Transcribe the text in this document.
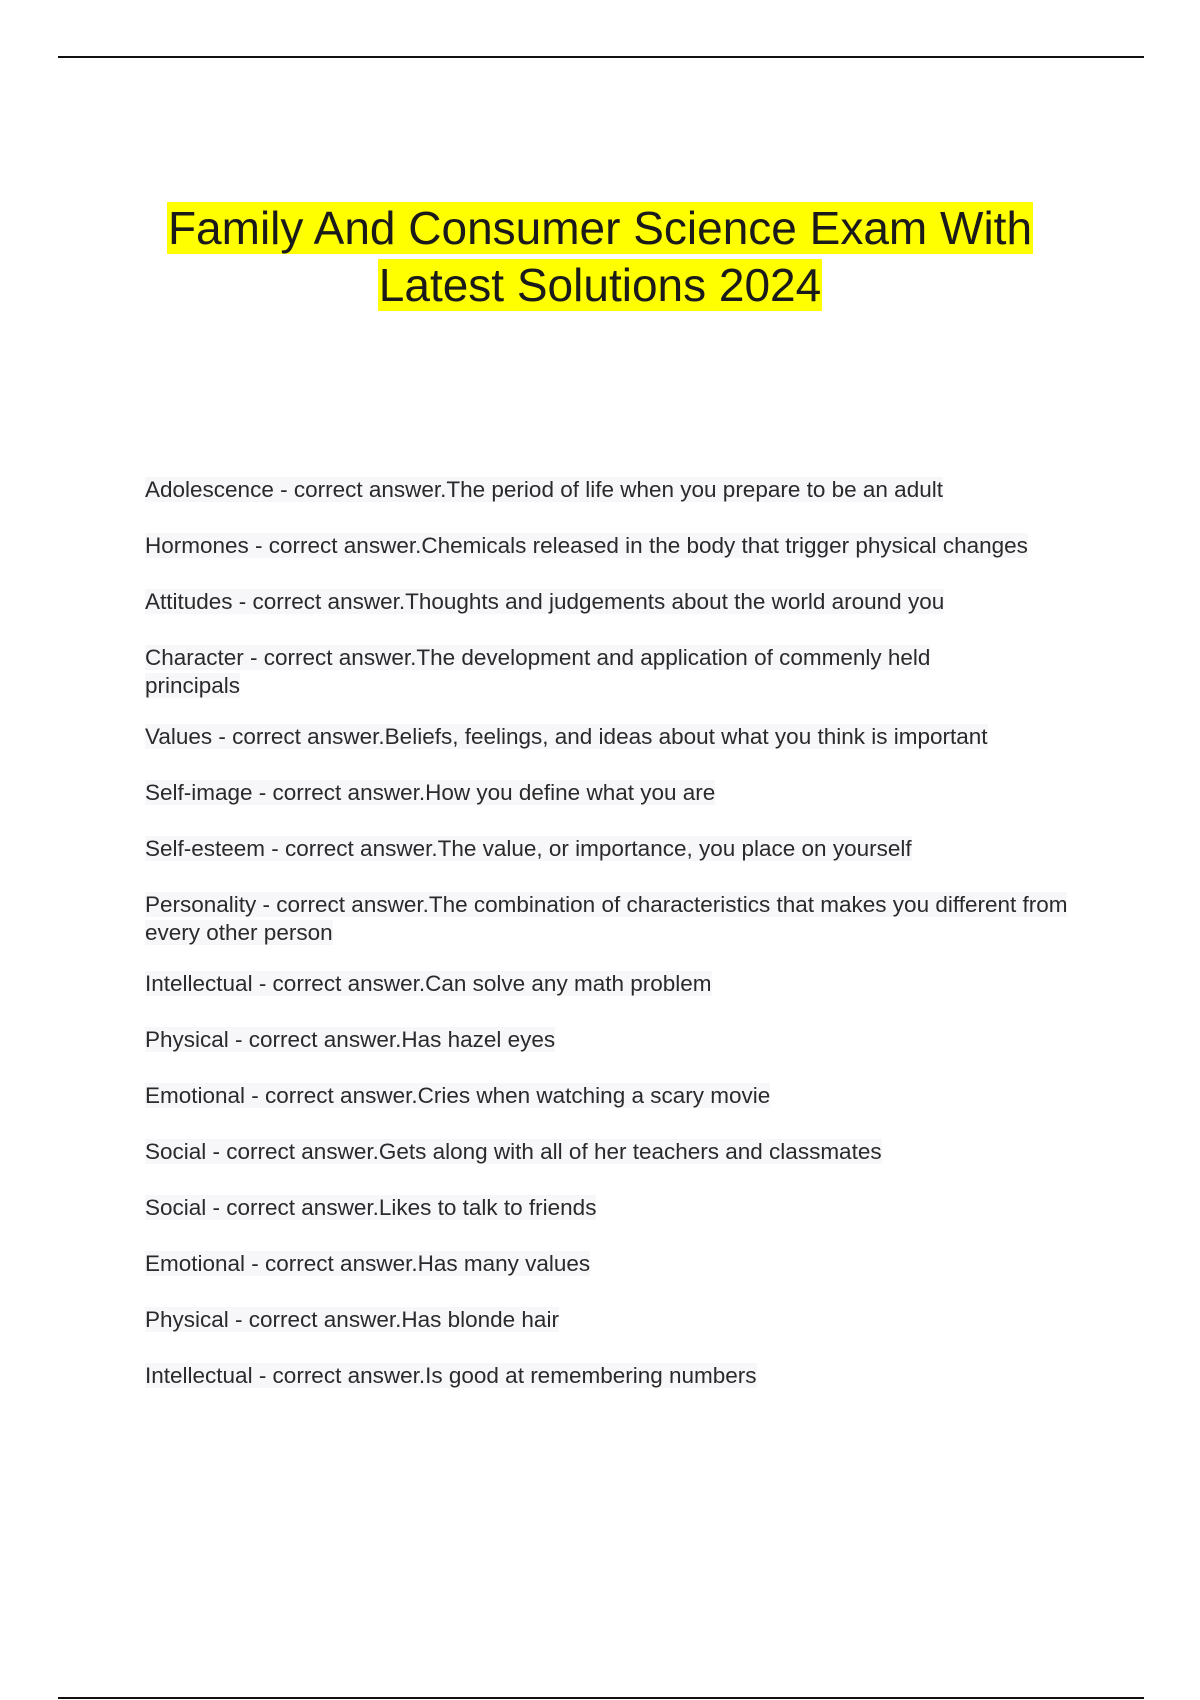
Family And Consumer Science Exam With
Latest Solutions 2024
Adolescence - correct answer.The period of life when you prepare to be an adult
Hormones - correct answer.Chemicals released in the body that trigger physical changes
Attitudes - correct answer.Thoughts and judgements about the world around you
Character - correct answer.The development and application of commenly held principals
Values - correct answer.Beliefs, feelings, and ideas about what you think is important
Self-image - correct answer.How you define what you are
Self-esteem - correct answer.The value, or importance, you place on yourself
Personality - correct answer.The combination of characteristics that makes you different from every other person
Intellectual - correct answer.Can solve any math problem
Physical - correct answer.Has hazel eyes
Emotional - correct answer.Cries when watching a scary movie
Social - correct answer.Gets along with all of her teachers and classmates
Social - correct answer.Likes to talk to friends
Emotional - correct answer.Has many values
Physical - correct answer.Has blonde hair
Intellectual - correct answer.Is good at remembering numbers
